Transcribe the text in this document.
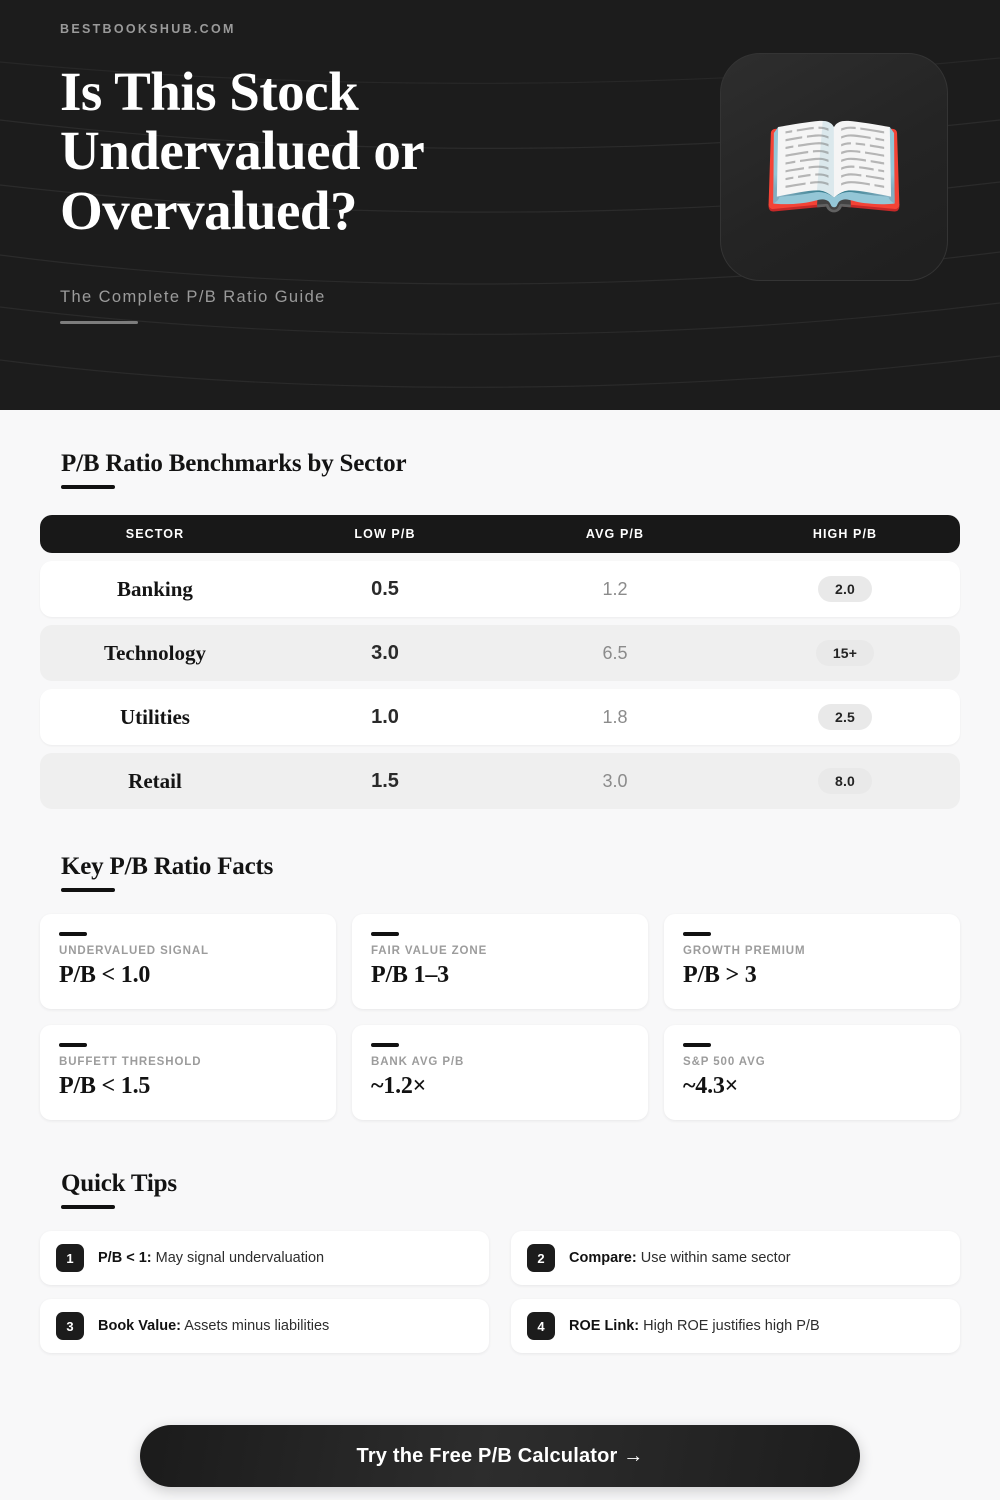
BESTBOOKSHUB.COM
Is This Stock Undervalued or Overvalued?
The Complete P/B Ratio Guide
📖
P/B Ratio Benchmarks by Sector
SECTOR	LOW P/B	AVG P/B	HIGH P/B
Banking	0.5	1.2	2.0
Technology	3.0	6.5	15+
Utilities	1.0	1.8	2.5
Retail	1.5	3.0	8.0
Key P/B Ratio Facts
UNDERVALUED SIGNAL
P/B < 1.0
FAIR VALUE ZONE
P/B 1–3
GROWTH PREMIUM
P/B > 3
BUFFETT THRESHOLD
P/B < 1.5
BANK AVG P/B
~1.2×
S&P 500 AVG
~4.3×
Quick Tips
1	P/B < 1: May signal undervaluation	2	Compare: Use within same sector
3	Book Value: Assets minus liabilities	4	ROE Link: High ROE justifies high P/B
Try the Free P/B Calculator →
